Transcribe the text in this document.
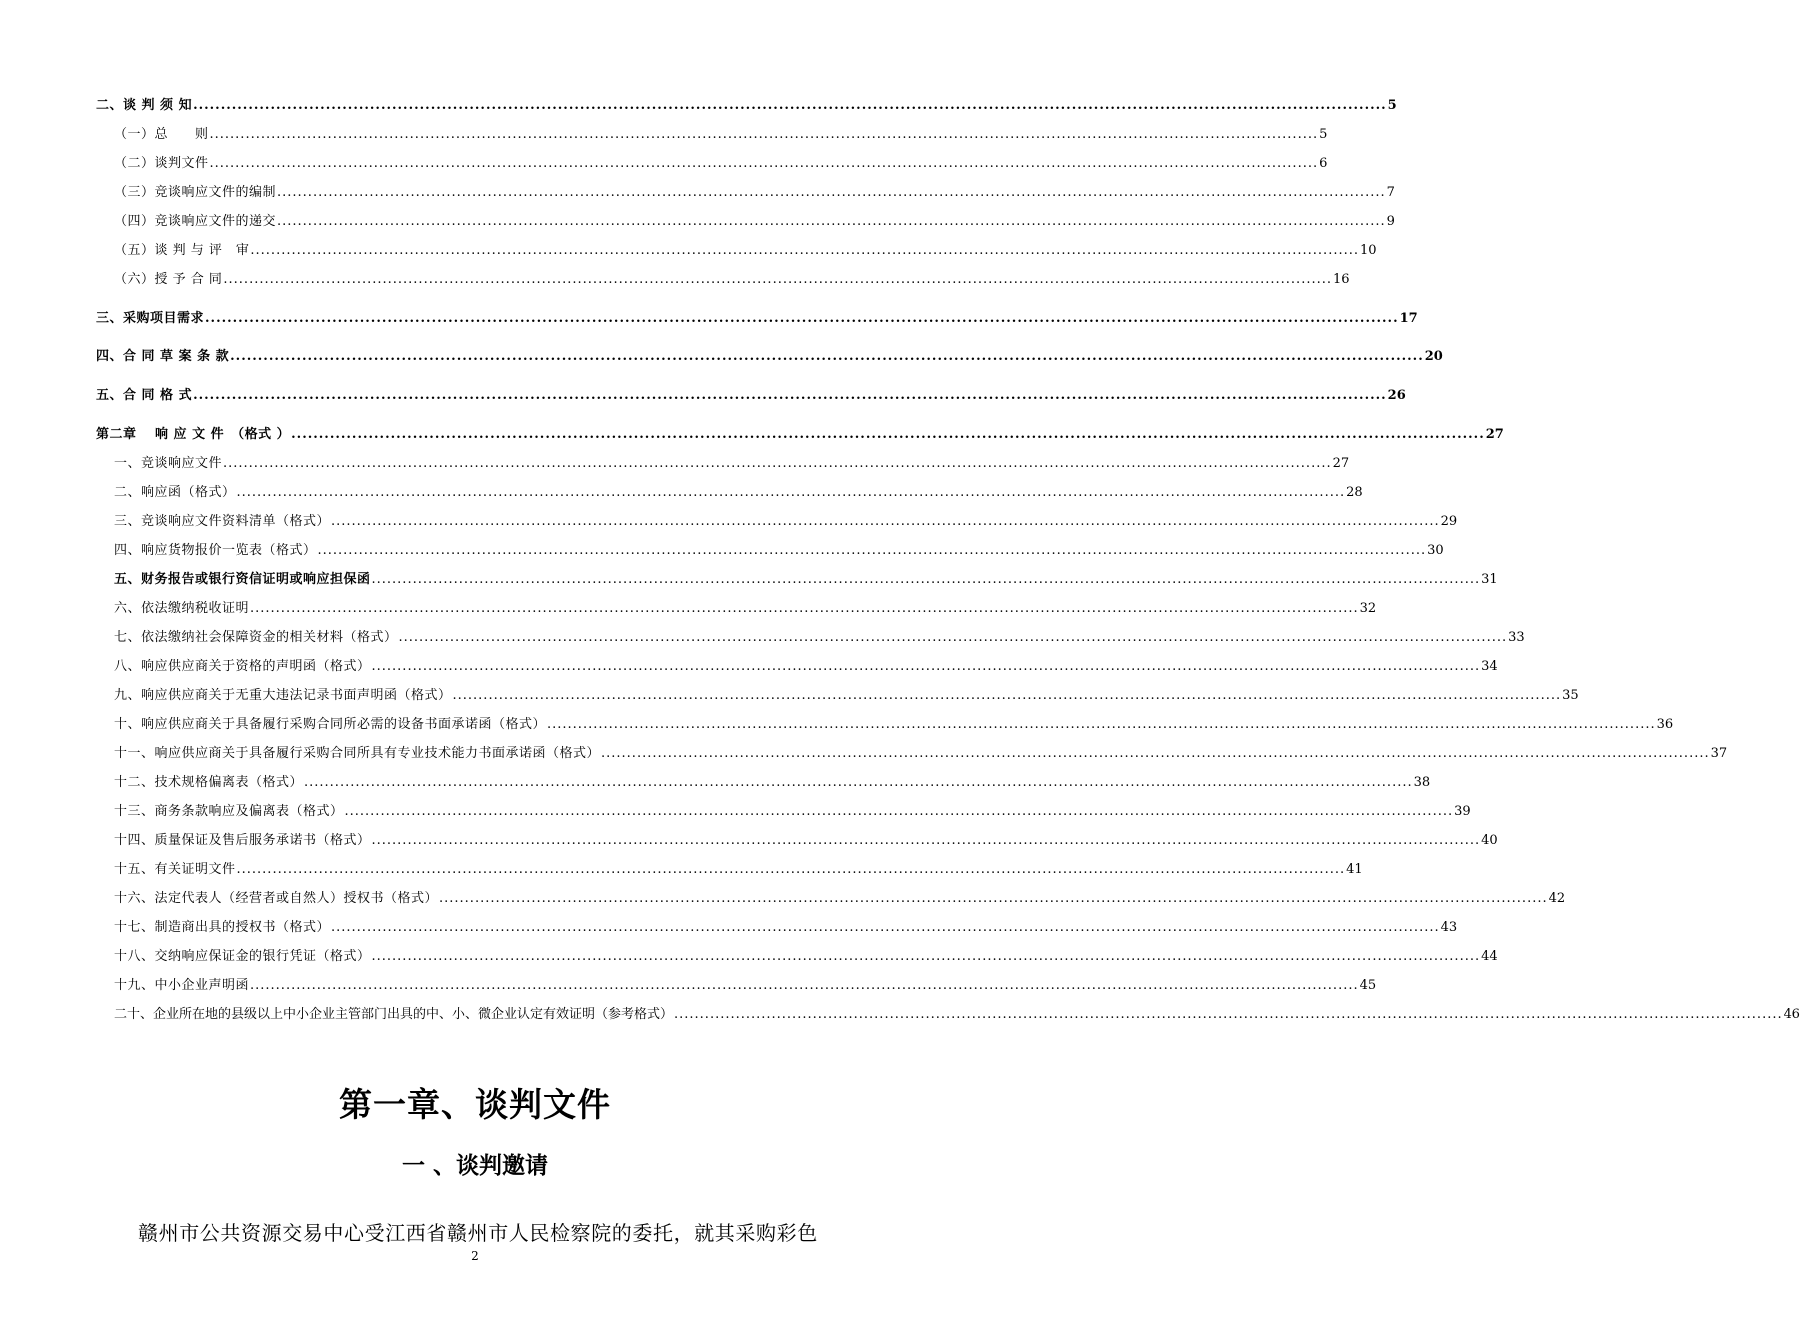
二、谈 判 须 知 ........................................................................................................................................................................................................................ 5
（一）总　　则 ........................................................................................................................................................................................................................ 5
（二）谈判文件 ........................................................................................................................................................................................................................ 6
（三）竞谈响应文件的编制 ........................................................................................................................................................................................................................ 7
（四）竞谈响应文件的递交 ........................................................................................................................................................................................................................ 9
（五）谈 判 与 评　审 ........................................................................................................................................................................................................................ 10
（六）授 予 合 同 ........................................................................................................................................................................................................................ 16
三、采购项目需求 ........................................................................................................................................................................................................................ 17
四、合 同 草 案 条 款 ........................................................................................................................................................................................................................ 20
五、合 同 格 式 ........................................................................................................................................................................................................................ 26
第二章　 响 应 文 件　（格式 ） ........................................................................................................................................................................................................................ 27
一、竞谈响应文件 ........................................................................................................................................................................................................................ 27
二、响应函（格式） ........................................................................................................................................................................................................................ 28
三、竞谈响应文件资料清单（格式） ........................................................................................................................................................................................................................ 29
四、响应货物报价一览表（格式） ........................................................................................................................................................................................................................ 30
五、财务报告或银行资信证明或响应担保函 ........................................................................................................................................................................................................................ 31
六、依法缴纳税收证明 ........................................................................................................................................................................................................................ 32
七、依法缴纳社会保障资金的相关材料（格式） ........................................................................................................................................................................................................................ 33
八、响应供应商关于资格的声明函（格式） ........................................................................................................................................................................................................................ 34
九、响应供应商关于无重大违法记录书面声明函（格式） ........................................................................................................................................................................................................................ 35
十、响应供应商关于具备履行采购合同所必需的设备书面承诺函（格式） ........................................................................................................................................................................................................................ 36
十一、响应供应商关于具备履行采购合同所具有专业技术能力书面承诺函（格式） ........................................................................................................................................................................................................................ 37
十二、技术规格偏离表（格式） ........................................................................................................................................................................................................................ 38
十三、商务条款响应及偏离表（格式） ........................................................................................................................................................................................................................ 39
十四、质量保证及售后服务承诺书（格式） ........................................................................................................................................................................................................................ 40
十五、有关证明文件 ........................................................................................................................................................................................................................ 41
十六、法定代表人（经营者或自然人）授权书（格式） ........................................................................................................................................................................................................................ 42
十七、制造商出具的授权书（格式） ........................................................................................................................................................................................................................ 43
十八、交纳响应保证金的银行凭证（格式） ........................................................................................................................................................................................................................ 44
十九、中小企业声明函 ........................................................................................................................................................................................................................ 45
二十、企业所在地的县级以上中小企业主管部门出具的中、小、微企业认定有效证明（参考格式） ........................................................................................................................................................................................................................ 46
第一章、谈判文件
一 、谈判邀请
赣州市公共资源交易中心受江西省赣州市人民检察院的委托，就其采购彩色
2
